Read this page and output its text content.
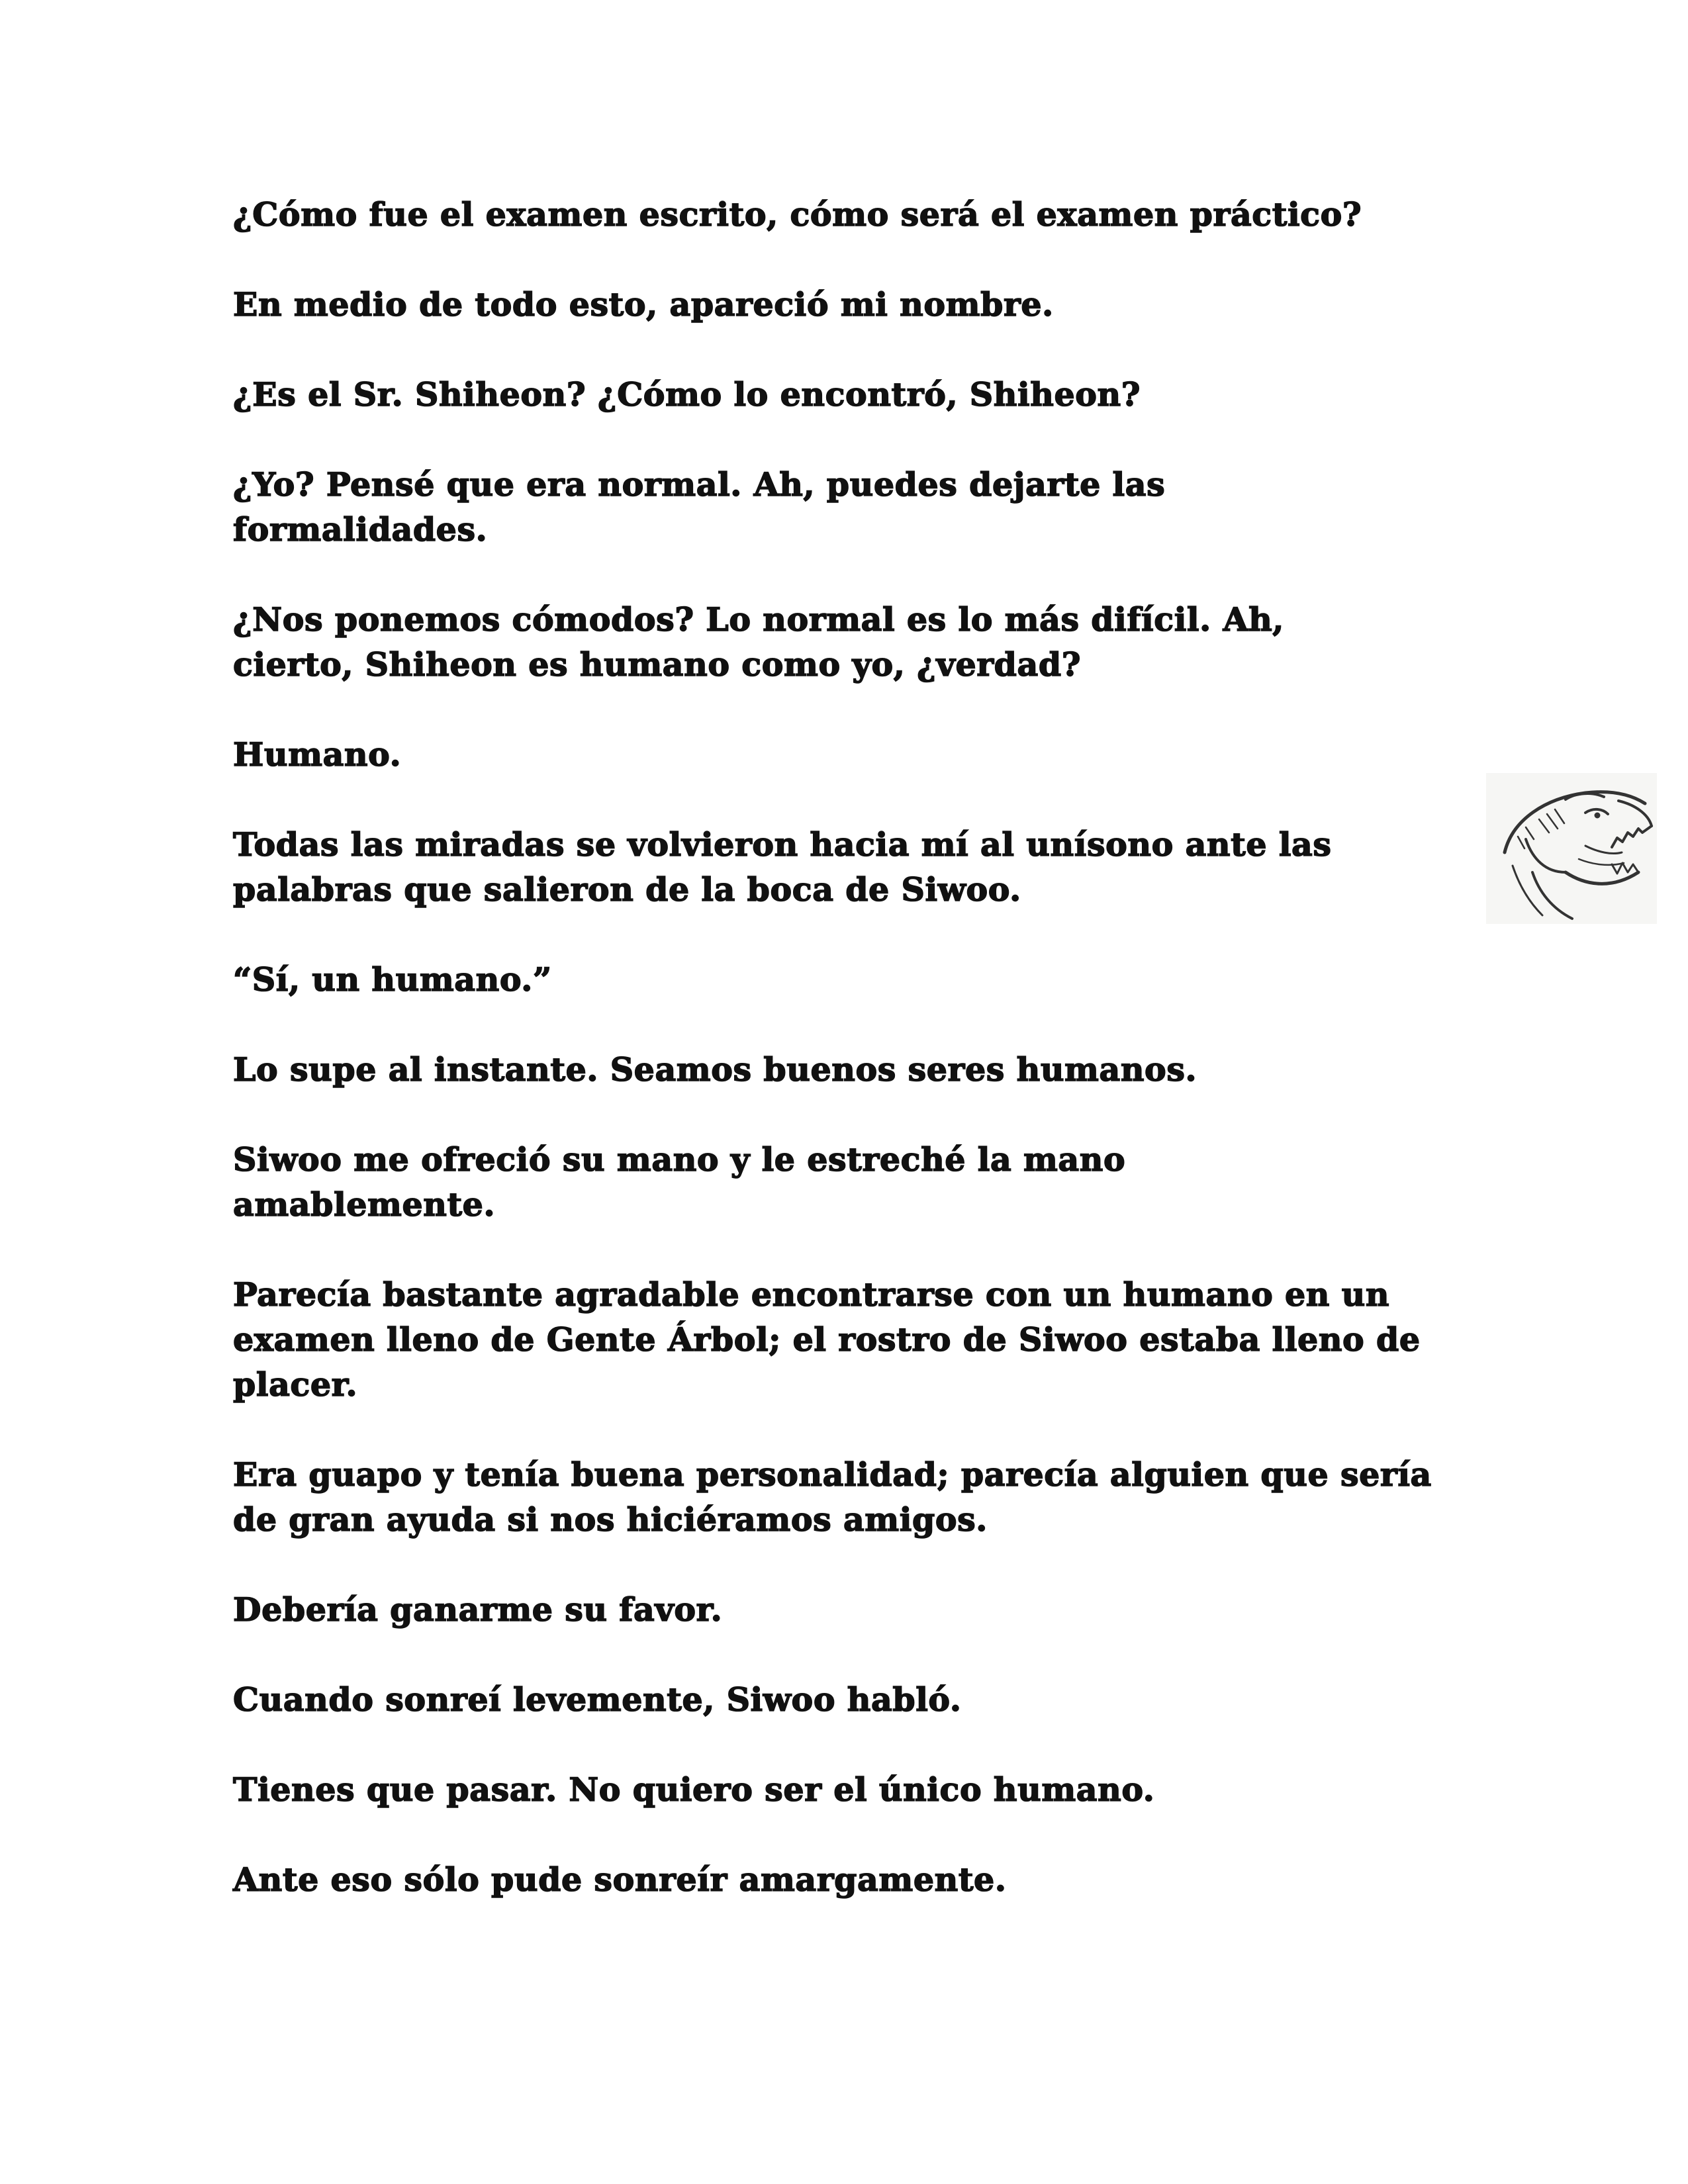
¿Cómo fue el examen escrito, cómo será el examen práctico?

En medio de todo esto, apareció mi nombre.

¿Es el Sr. Shiheon? ¿Cómo lo encontró, Shiheon?

¿Yo? Pensé que era normal. Ah, puedes dejarte las formalidades.

¿Nos ponemos cómodos? Lo normal es lo más difícil. Ah, cierto, Shiheon es humano como yo, ¿verdad?

Humano.

Todas las miradas se volvieron hacia mí al unísono ante las palabras que salieron de la boca de Siwoo.

“Sí, un humano.”

Lo supe al instante. Seamos buenos seres humanos.

Siwoo me ofreció su mano y le estreché la mano amablemente.

Parecía bastante agradable encontrarse con un humano en un examen lleno de Gente Árbol; el rostro de Siwoo estaba lleno de placer.

Era guapo y tenía buena personalidad; parecía alguien que sería de gran ayuda si nos hiciéramos amigos.

Debería ganarme su favor.

Cuando sonreí levemente, Siwoo habló.

Tienes que pasar. No quiero ser el único humano.

Ante eso sólo pude sonreír amargamente.
